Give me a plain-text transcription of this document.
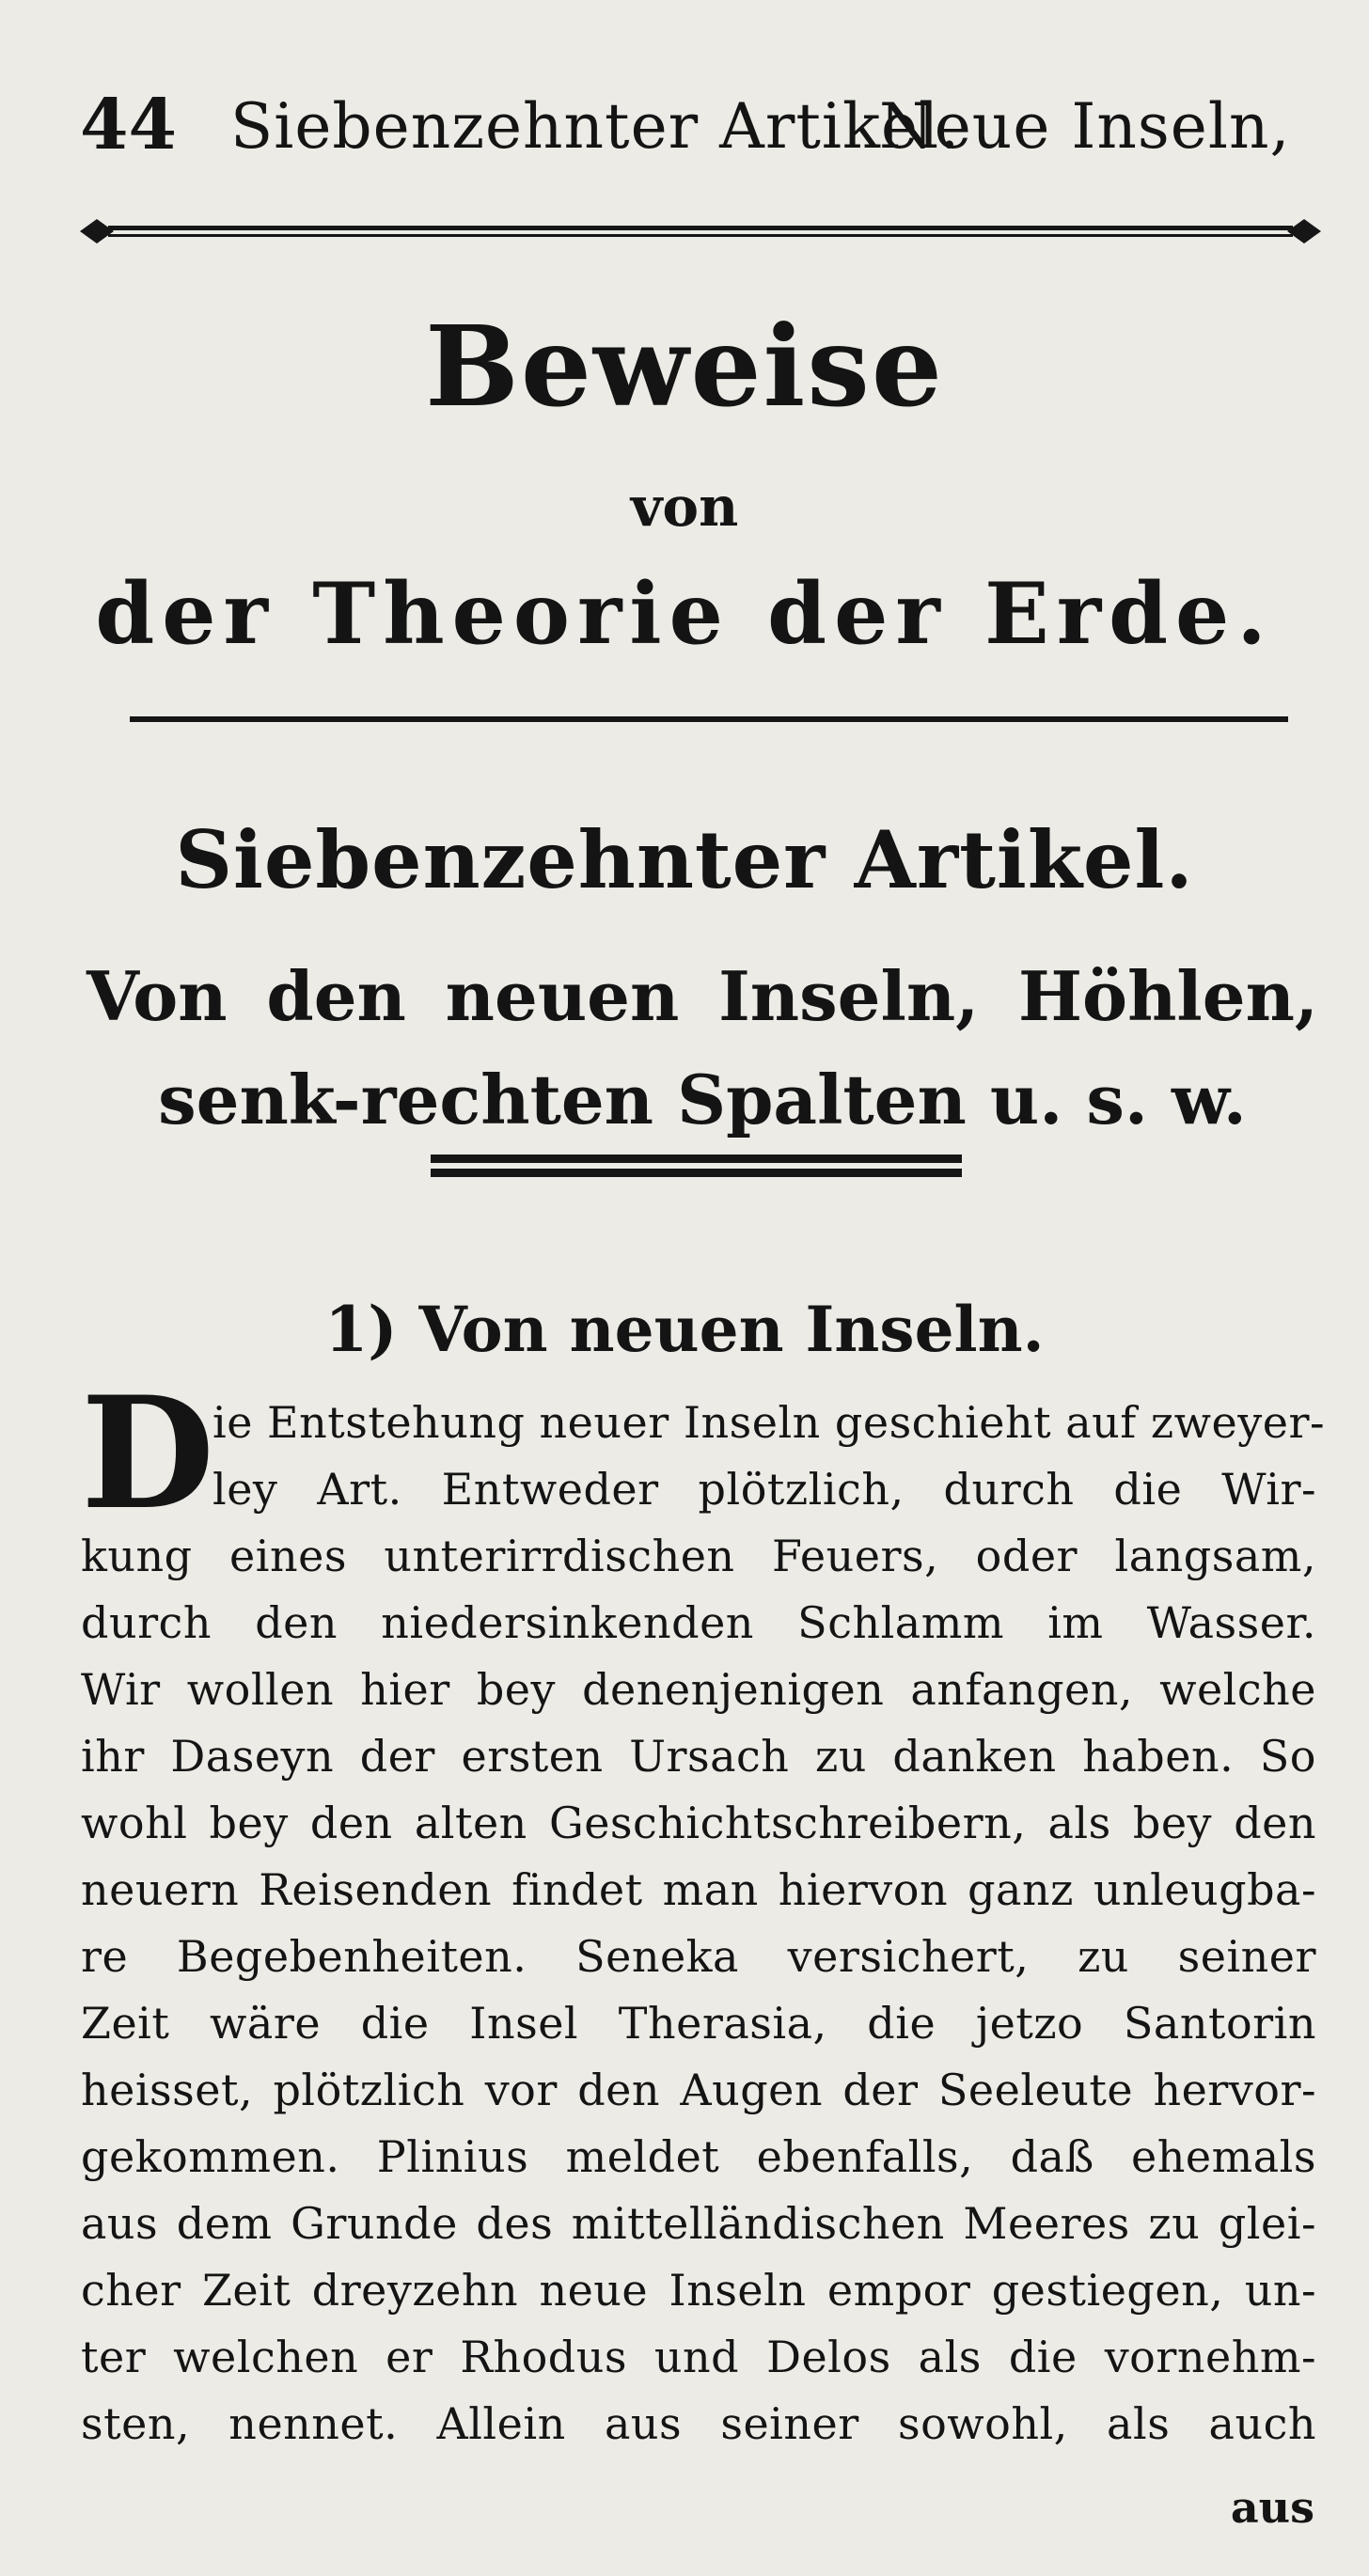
44 Siebenzehnter Artikel.
Neue Inseln,
Beweise
von
der Theorie der Erde.
Siebenzehnter Artikel.
Von den neuen Inseln, Höhlen, senk-rechten Spalten u. s. w.
1) Von neuen Inseln.
D
ie Entstehung neuer Inseln geschieht auf zweyer-
ley Art. Entweder plötzlich, durch die Wir-
kung eines unterirrdischen Feuers, oder langsam,
durch den niedersinkenden Schlamm im Wasser.
Wir wollen hier bey denenjenigen anfangen, welche
ihr Daseyn der ersten Ursach zu danken haben. So
wohl bey den alten Geschichtschreibern, als bey den
neuern Reisenden findet man hiervon ganz unleugba-
re Begebenheiten. Seneka versichert, zu seiner
Zeit wäre die Insel Therasia, die jetzo Santorin
heisset, plötzlich vor den Augen der Seeleute hervor-
gekommen. Plinius meldet ebenfalls, daß ehemals
aus dem Grunde des mittelländischen Meeres zu glei-
cher Zeit dreyzehn neue Inseln empor gestiegen, un-
ter welchen er Rhodus und Delos als die vornehm-
sten, nennet. Allein aus seiner sowohl, als auch
aus
